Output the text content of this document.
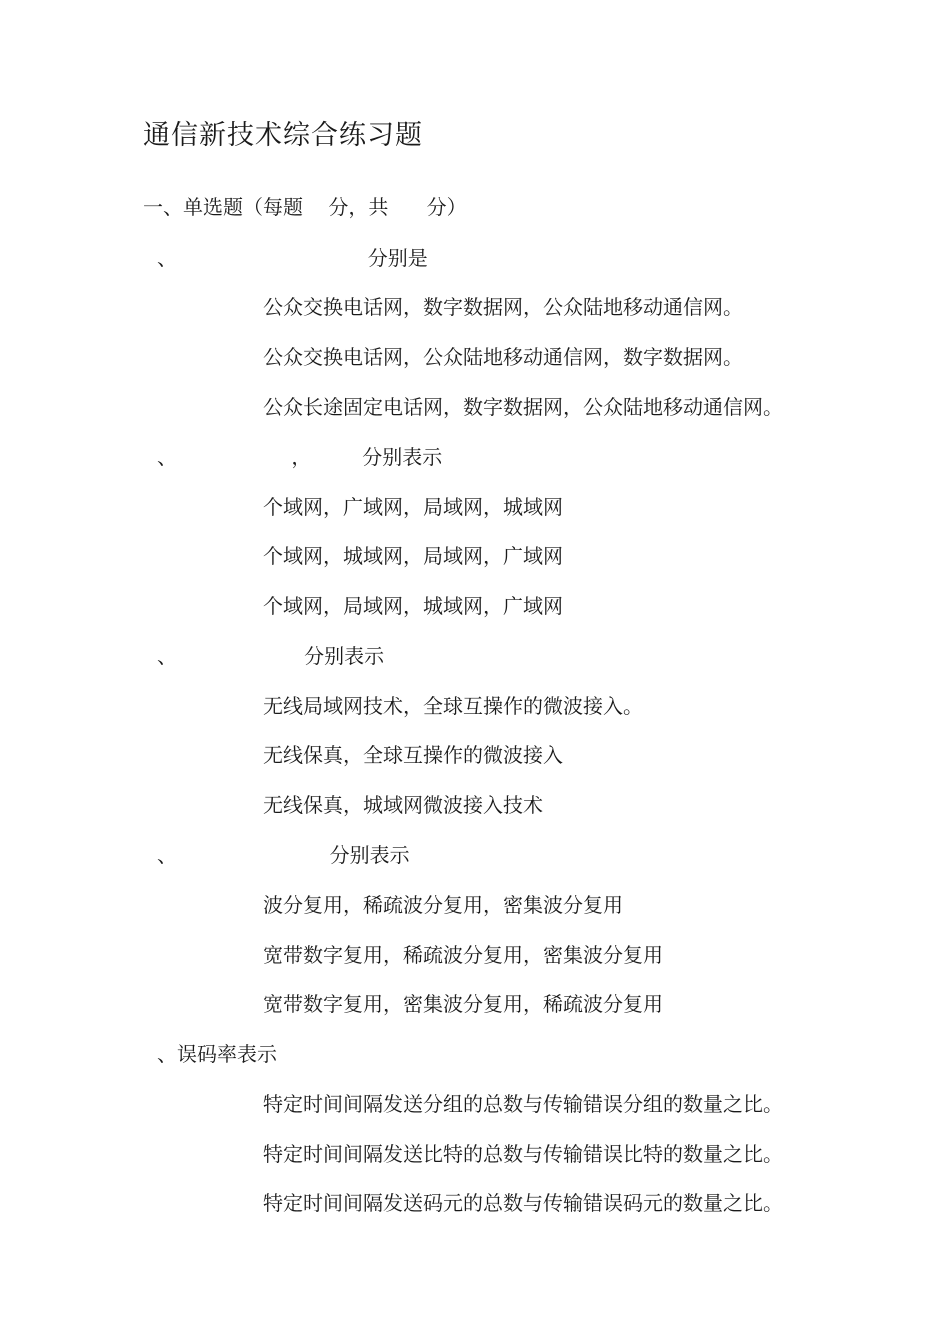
通信新技术综合练习题
一、单选题（每题    分，共      分）
、                              分别是
公众交换电话网，数字数据网，公众陆地移动通信网。
公众交换电话网，公众陆地移动通信网，数字数据网。
公众长途固定电话网，数字数据网，公众陆地移动通信网。
、                  ，        分别表示
个域网，广域网，局域网，城域网
个域网，城域网，局域网，广域网
个域网，局域网，城域网，广域网
、                    分别表示
无线局域网技术，全球互操作的微波接入。
无线保真，全球互操作的微波接入
无线保真，城域网微波接入技术
、                        分别表示
波分复用，稀疏波分复用，密集波分复用
宽带数字复用，稀疏波分复用，密集波分复用
宽带数字复用，密集波分复用，稀疏波分复用
、误码率表示
特定时间间隔发送分组的总数与传输错误分组的数量之比。
特定时间间隔发送比特的总数与传输错误比特的数量之比。
特定时间间隔发送码元的总数与传输错误码元的数量之比。
